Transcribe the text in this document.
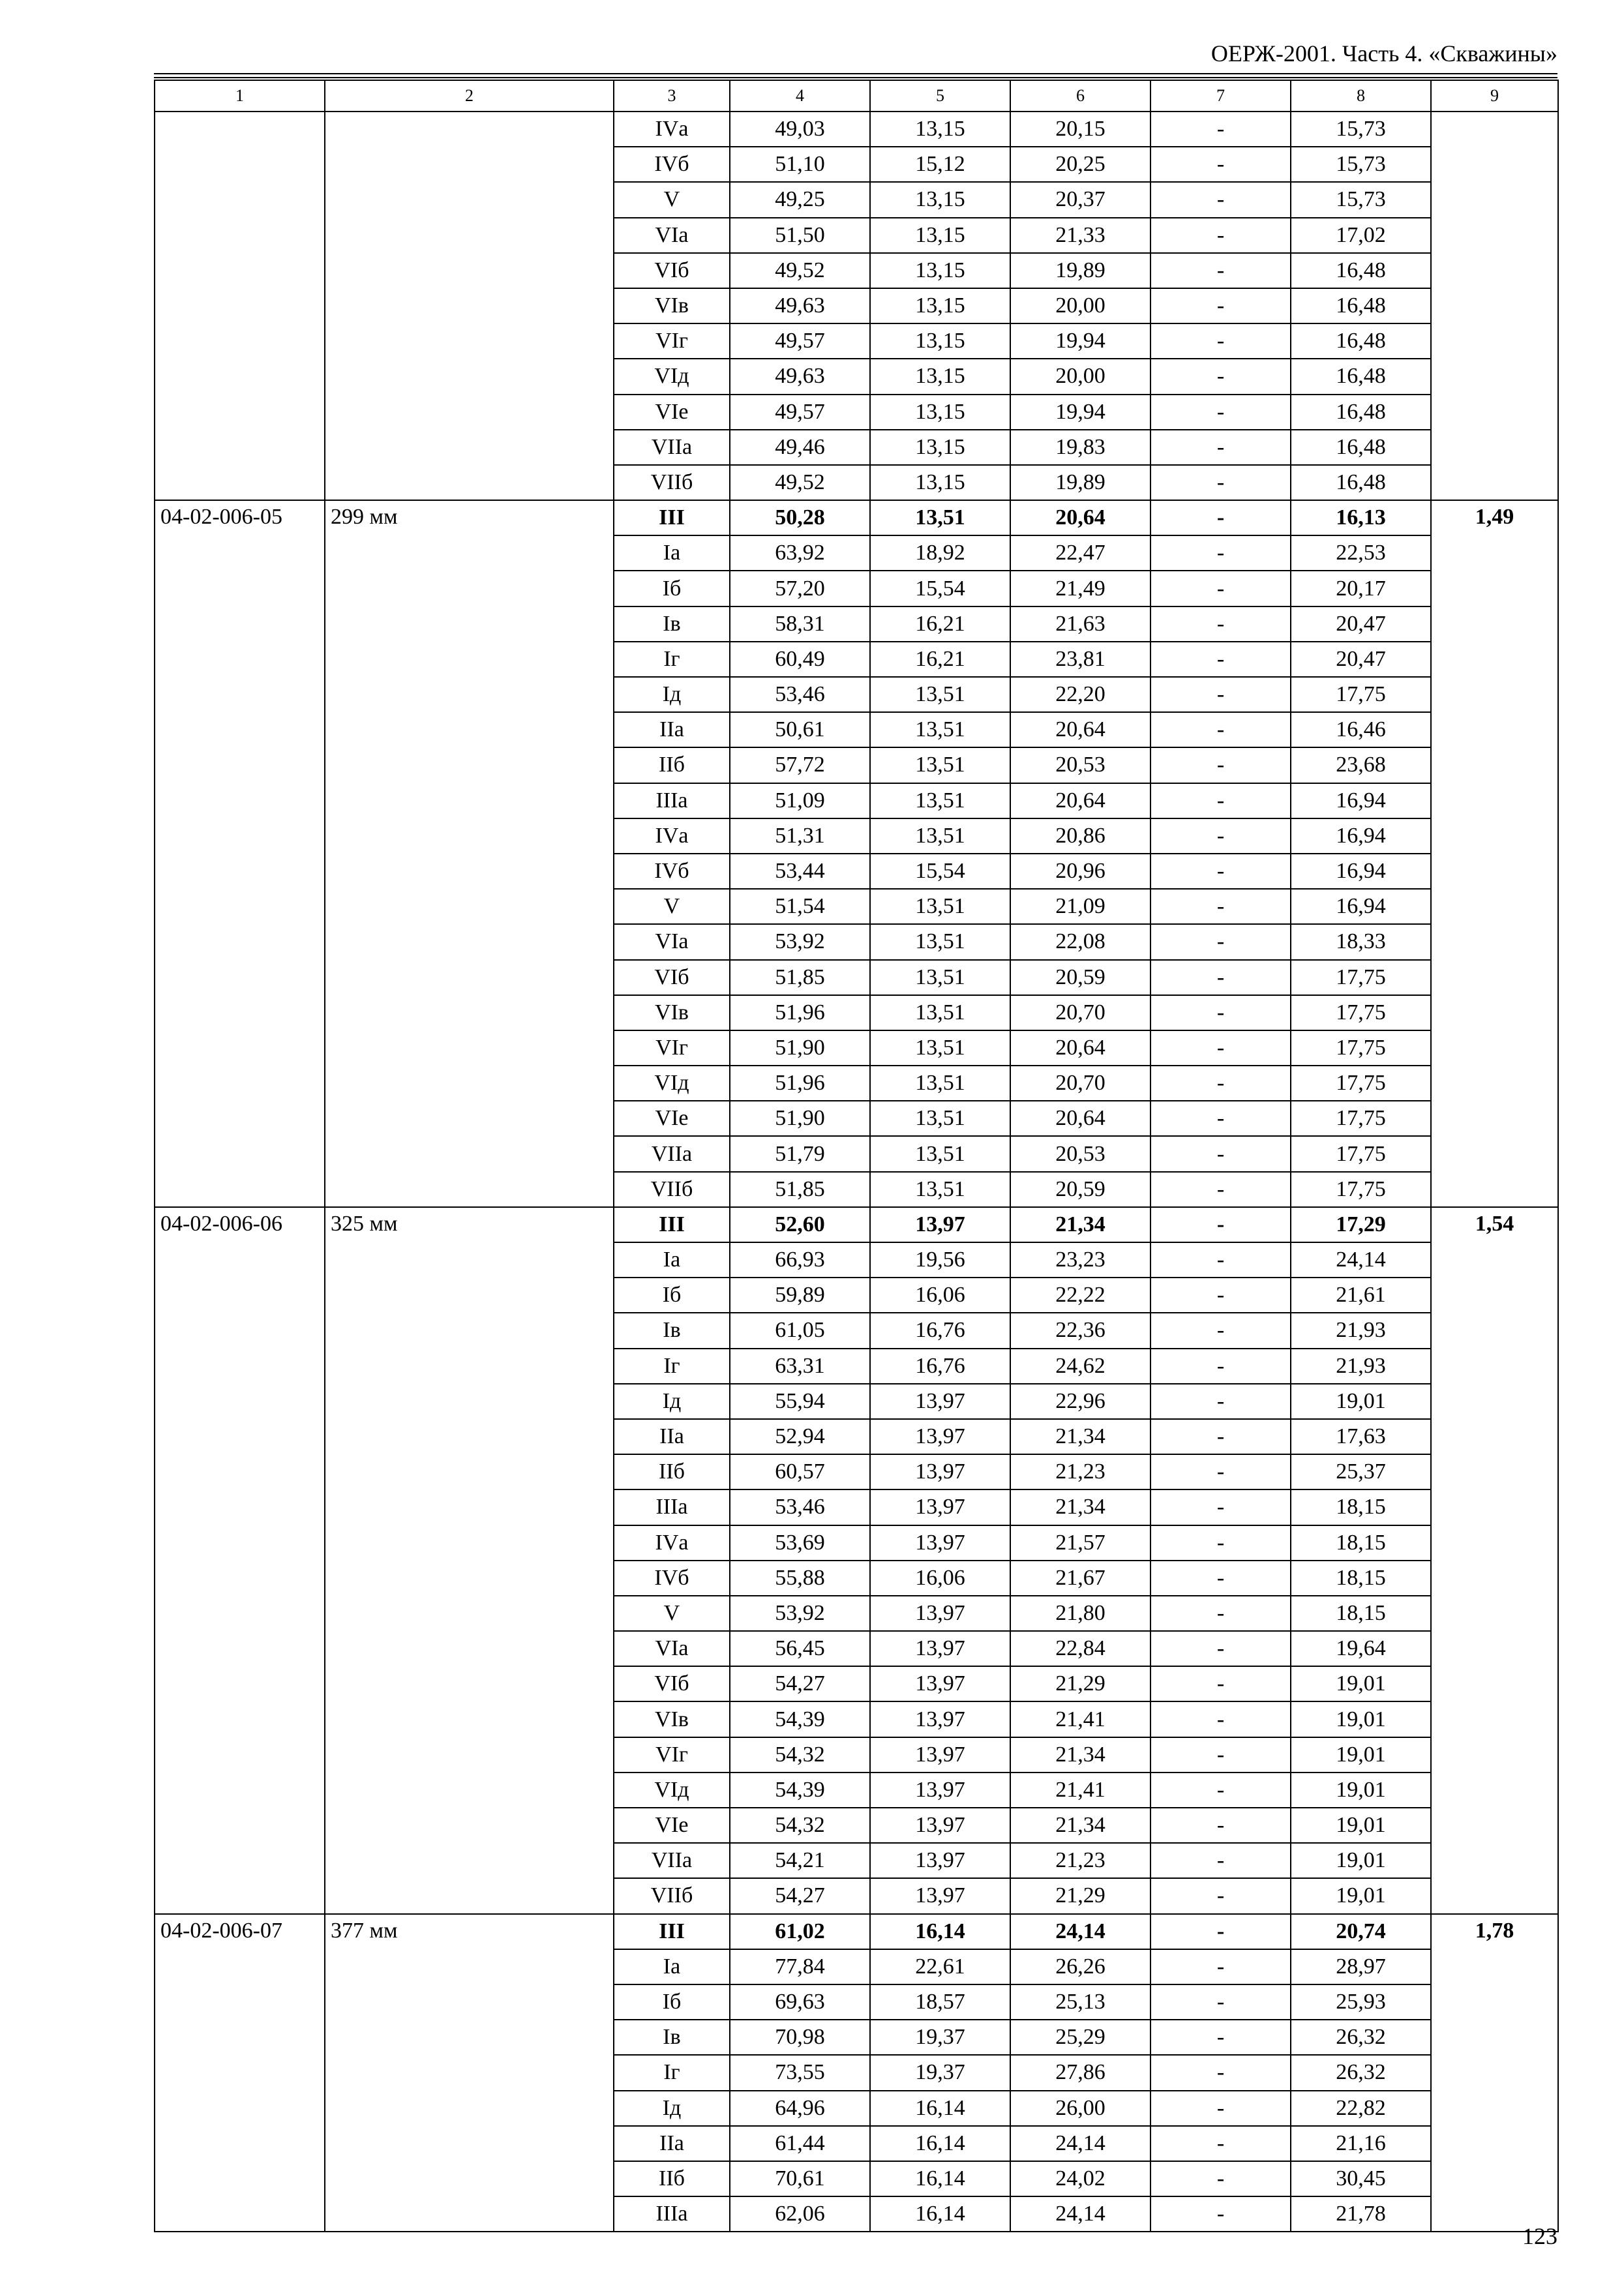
ОЕРЖ-2001. Часть 4. «Скважины»
1	2	3	4	5	6	7	8	9
		IVа	49,03	13,15	20,15	-	15,73	
		IVб	51,10	15,12	20,25	-	15,73	
		V	49,25	13,15	20,37	-	15,73	
		VIа	51,50	13,15	21,33	-	17,02	
		VIб	49,52	13,15	19,89	-	16,48	
		VIв	49,63	13,15	20,00	-	16,48	
		VIг	49,57	13,15	19,94	-	16,48	
		VIд	49,63	13,15	20,00	-	16,48	
		VIе	49,57	13,15	19,94	-	16,48	
		VIIа	49,46	13,15	19,83	-	16,48	
		VIIб	49,52	13,15	19,89	-	16,48	
04-02-006-05	299 мм	III	50,28	13,51	20,64	-	16,13	1,49
		Iа	63,92	18,92	22,47	-	22,53	
		Iб	57,20	15,54	21,49	-	20,17	
		Iв	58,31	16,21	21,63	-	20,47	
		Iг	60,49	16,21	23,81	-	20,47	
		Iд	53,46	13,51	22,20	-	17,75	
		IIа	50,61	13,51	20,64	-	16,46	
		IIб	57,72	13,51	20,53	-	23,68	
		IIIа	51,09	13,51	20,64	-	16,94	
		IVа	51,31	13,51	20,86	-	16,94	
		IVб	53,44	15,54	20,96	-	16,94	
		V	51,54	13,51	21,09	-	16,94	
		VIа	53,92	13,51	22,08	-	18,33	
		VIб	51,85	13,51	20,59	-	17,75	
		VIв	51,96	13,51	20,70	-	17,75	
		VIг	51,90	13,51	20,64	-	17,75	
		VIд	51,96	13,51	20,70	-	17,75	
		VIе	51,90	13,51	20,64	-	17,75	
		VIIа	51,79	13,51	20,53	-	17,75	
		VIIб	51,85	13,51	20,59	-	17,75	
04-02-006-06	325 мм	III	52,60	13,97	21,34	-	17,29	1,54
		Iа	66,93	19,56	23,23	-	24,14	
		Iб	59,89	16,06	22,22	-	21,61	
		Iв	61,05	16,76	22,36	-	21,93	
		Iг	63,31	16,76	24,62	-	21,93	
		Iд	55,94	13,97	22,96	-	19,01	
		IIа	52,94	13,97	21,34	-	17,63	
		IIб	60,57	13,97	21,23	-	25,37	
		IIIа	53,46	13,97	21,34	-	18,15	
		IVа	53,69	13,97	21,57	-	18,15	
		IVб	55,88	16,06	21,67	-	18,15	
		V	53,92	13,97	21,80	-	18,15	
		VIа	56,45	13,97	22,84	-	19,64	
		VIб	54,27	13,97	21,29	-	19,01	
		VIв	54,39	13,97	21,41	-	19,01	
		VIг	54,32	13,97	21,34	-	19,01	
		VIд	54,39	13,97	21,41	-	19,01	
		VIе	54,32	13,97	21,34	-	19,01	
		VIIа	54,21	13,97	21,23	-	19,01	
		VIIб	54,27	13,97	21,29	-	19,01	
04-02-006-07	377 мм	III	61,02	16,14	24,14	-	20,74	1,78
		Iа	77,84	22,61	26,26	-	28,97	
		Iб	69,63	18,57	25,13	-	25,93	
		Iв	70,98	19,37	25,29	-	26,32	
		Iг	73,55	19,37	27,86	-	26,32	
		Iд	64,96	16,14	26,00	-	22,82	
		IIа	61,44	16,14	24,14	-	21,16	
		IIб	70,61	16,14	24,02	-	30,45	
		IIIа	62,06	16,14	24,14	-	21,78	
123
